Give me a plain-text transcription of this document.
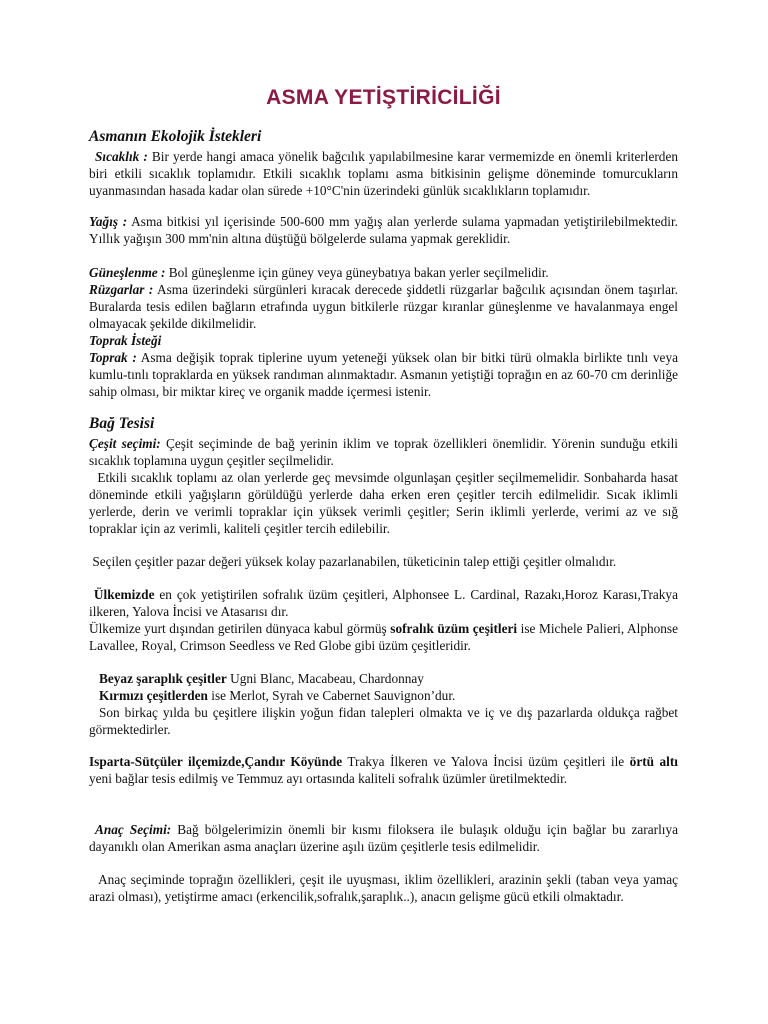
ASMA YETİŞTİRİCİLİĞİ
Asmanın Ekolojik İstekleri
Sıcaklık : Bir yerde hangi amaca yönelik bağcılık yapılabilmesine karar vermemizde en önemli kriterlerden biri etkili sıcaklık toplamıdır. Etkili sıcaklık toplamı asma bitkisinin gelişme döneminde tomurcukların uyanmasından hasada kadar olan sürede +10°C'nin üzerindeki günlük sıcaklıkların toplamıdır.
Yağış : Asma bitkisi yıl içerisinde 500-600 mm yağış alan yerlerde sulama yapmadan yetiştirilebilmektedir. Yıllık yağışın 300 mm'nin altına düştüğü bölgelerde sulama yapmak gereklidir.
Güneşlenme : Bol güneşlenme için güney veya güneybatıya bakan yerler seçilmelidir.
Rüzgarlar : Asma üzerindeki sürgünleri kıracak derecede şiddetli rüzgarlar bağcılık açısından önem taşırlar. Buralarda tesis edilen bağların etrafında uygun bitkilerle rüzgar kıranlar güneşlenme ve havalanmaya engel olmayacak şekilde dikilmelidir.
Toprak İsteği
Toprak : Asma değişik toprak tiplerine uyum yeteneği yüksek olan bir bitki türü olmakla birlikte tınlı veya kumlu-tınlı topraklarda en yüksek randıman alınmaktadır. Asmanın yetiştiği toprağın en az 60-70 cm derinliğe sahip olması, bir miktar kireç ve organik madde içermesi istenir.
Bağ Tesisi
Çeşit seçimi: Çeşit seçiminde de bağ yerinin iklim ve toprak özellikleri önemlidir. Yörenin sunduğu etkili sıcaklık toplamına uygun çeşitler seçilmelidir.
Etkili sıcaklık toplamı az olan yerlerde geç mevsimde olgunlaşan çeşitler seçilmemelidir. Sonbaharda hasat döneminde etkili yağışların görüldüğü yerlerde daha erken eren çeşitler tercih edilmelidir. Sıcak iklimli yerlerde, derin ve verimli topraklar için yüksek verimli çeşitler; Serin iklimli yerlerde, verimi az ve sığ topraklar için az verimli, kaliteli çeşitler tercih edilebilir.
Seçilen çeşitler pazar değeri yüksek kolay pazarlanabilen, tüketicinin talep ettiği çeşitler olmalıdır.
Ülkemizde en çok yetiştirilen sofralık üzüm çeşitleri, Alphonsee L. Cardinal, Razakı,Horoz Karası,Trakya ilkeren, Yalova İncisi ve Atasarısı dır.
Ülkemize yurt dışından getirilen dünyaca kabul görmüş sofralık üzüm çeşitleri ise Michele Palieri, Alphonse Lavallee, Royal, Crimson Seedless ve Red Globe gibi üzüm çeşitleridir.
Beyaz şaraplık çeşitler Ugni Blanc, Macabeau, Chardonnay
Kırmızı çeşitlerden ise Merlot, Syrah ve Cabernet Sauvignon’dur.
Son birkaç yılda bu çeşitlere ilişkin yoğun fidan talepleri olmakta ve iç ve dış pazarlarda oldukça rağbet görmektedirler.
Isparta-Sütçüler ilçemizde,Çandır Köyünde Trakya İlkeren ve Yalova İncisi üzüm çeşitleri ile örtü altı yeni bağlar tesis edilmiş ve Temmuz ayı ortasında kaliteli sofralık üzümler üretilmektedir.
Anaç Seçimi: Bağ bölgelerimizin önemli bir kısmı filoksera ile bulaşık olduğu için bağlar bu zararlıya dayanıklı olan Amerikan asma anaçları üzerine aşılı üzüm çeşitlerle tesis edilmelidir.
Anaç seçiminde toprağın özellikleri, çeşit ile uyuşması, iklim özellikleri, arazinin şekli (taban veya yamaç arazi olması), yetiştirme amacı (erkencilik,sofralık,şaraplık..), anacın gelişme gücü etkili olmaktadır.
